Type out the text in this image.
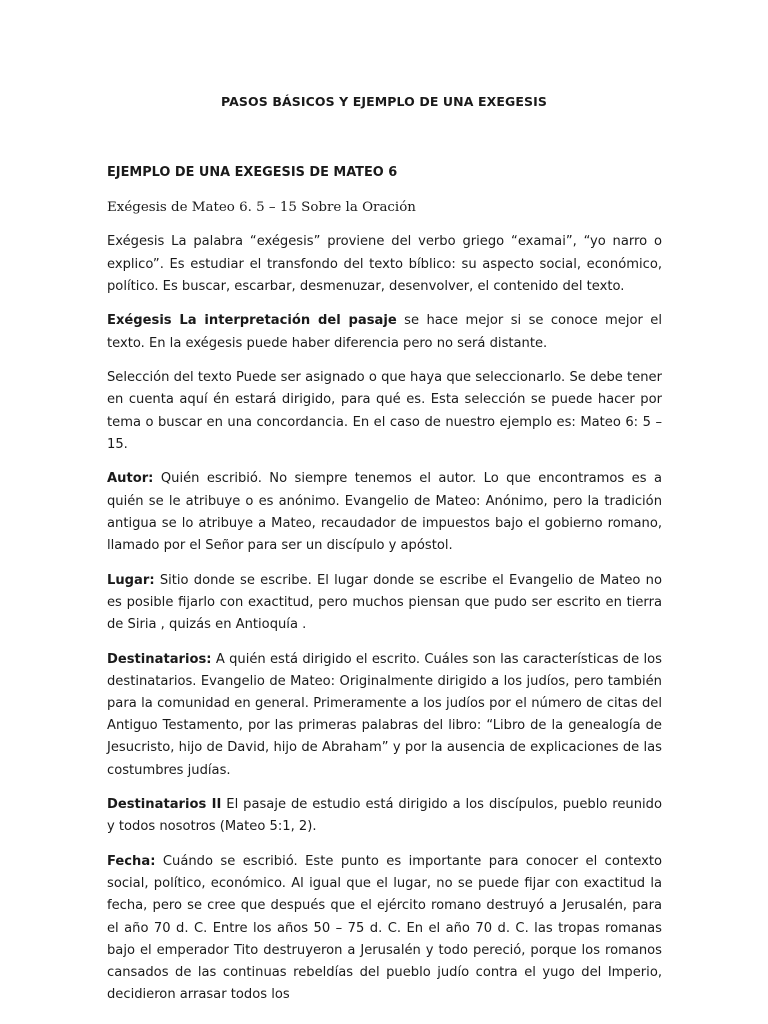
PASOS BÁSICOS Y EJEMPLO DE UNA EXEGESIS

EJEMPLO DE UNA EXEGESIS DE MATEO 6

Exégesis de Mateo 6. 5 – 15 Sobre la Oración

Exégesis La palabra “exégesis” proviene del verbo griego “examai”, “yo narro o explico”. Es estudiar el transfondo del texto bíblico: su aspecto social, económico, político. Es buscar, escarbar, desmenuzar, desenvolver, el contenido del texto.

Exégesis La interpretación del pasaje se hace mejor si se conoce mejor el texto. En la exégesis puede haber diferencia pero no será distante.

Selección del texto Puede ser asignado o que haya que seleccionarlo. Se debe tener en cuenta aquí én estará dirigido, para qué es. Esta selección se puede hacer por tema o buscar en una concordancia. En el caso de nuestro ejemplo es: Mateo 6: 5 – 15.

Autor: Quién escribió. No siempre tenemos el autor. Lo que encontramos es a quién se le atribuye o es anónimo. Evangelio de Mateo: Anónimo, pero la tradición antigua se lo atribuye a Mateo, recaudador de impuestos bajo el gobierno romano, llamado por el Señor para ser un discípulo y apóstol.

Lugar: Sitio donde se escribe. El lugar donde se escribe el Evangelio de Mateo no es posible fijarlo con exactitud, pero muchos piensan que pudo ser escrito en tierra de Siria , quizás en Antioquía .

Destinatarios: A quién está dirigido el escrito. Cuáles son las características de los destinatarios. Evangelio de Mateo: Originalmente dirigido a los judíos, pero también para la comunidad en general. Primeramente a los judíos por el número de citas del Antiguo Testamento, por las primeras palabras del libro: “Libro de la genealogía de Jesucristo, hijo de David, hijo de Abraham” y por la ausencia de explicaciones de las costumbres judías.

Destinatarios II El pasaje de estudio está dirigido a los discípulos, pueblo reunido y todos nosotros (Mateo 5:1, 2).

Fecha: Cuándo se escribió. Este punto es importante para conocer el contexto social, político, económico. Al igual que el lugar, no se puede fijar con exactitud la fecha, pero se cree que después que el ejército romano destruyó a Jerusalén, para el año 70 d. C. Entre los años 50 – 75 d. C. En el año 70 d. C. las tropas romanas bajo el emperador Tito destruyeron a Jerusalén y todo pereció, porque los romanos cansados de las continuas rebeldías del pueblo judío contra el yugo del Imperio, decidieron arrasar todos los
